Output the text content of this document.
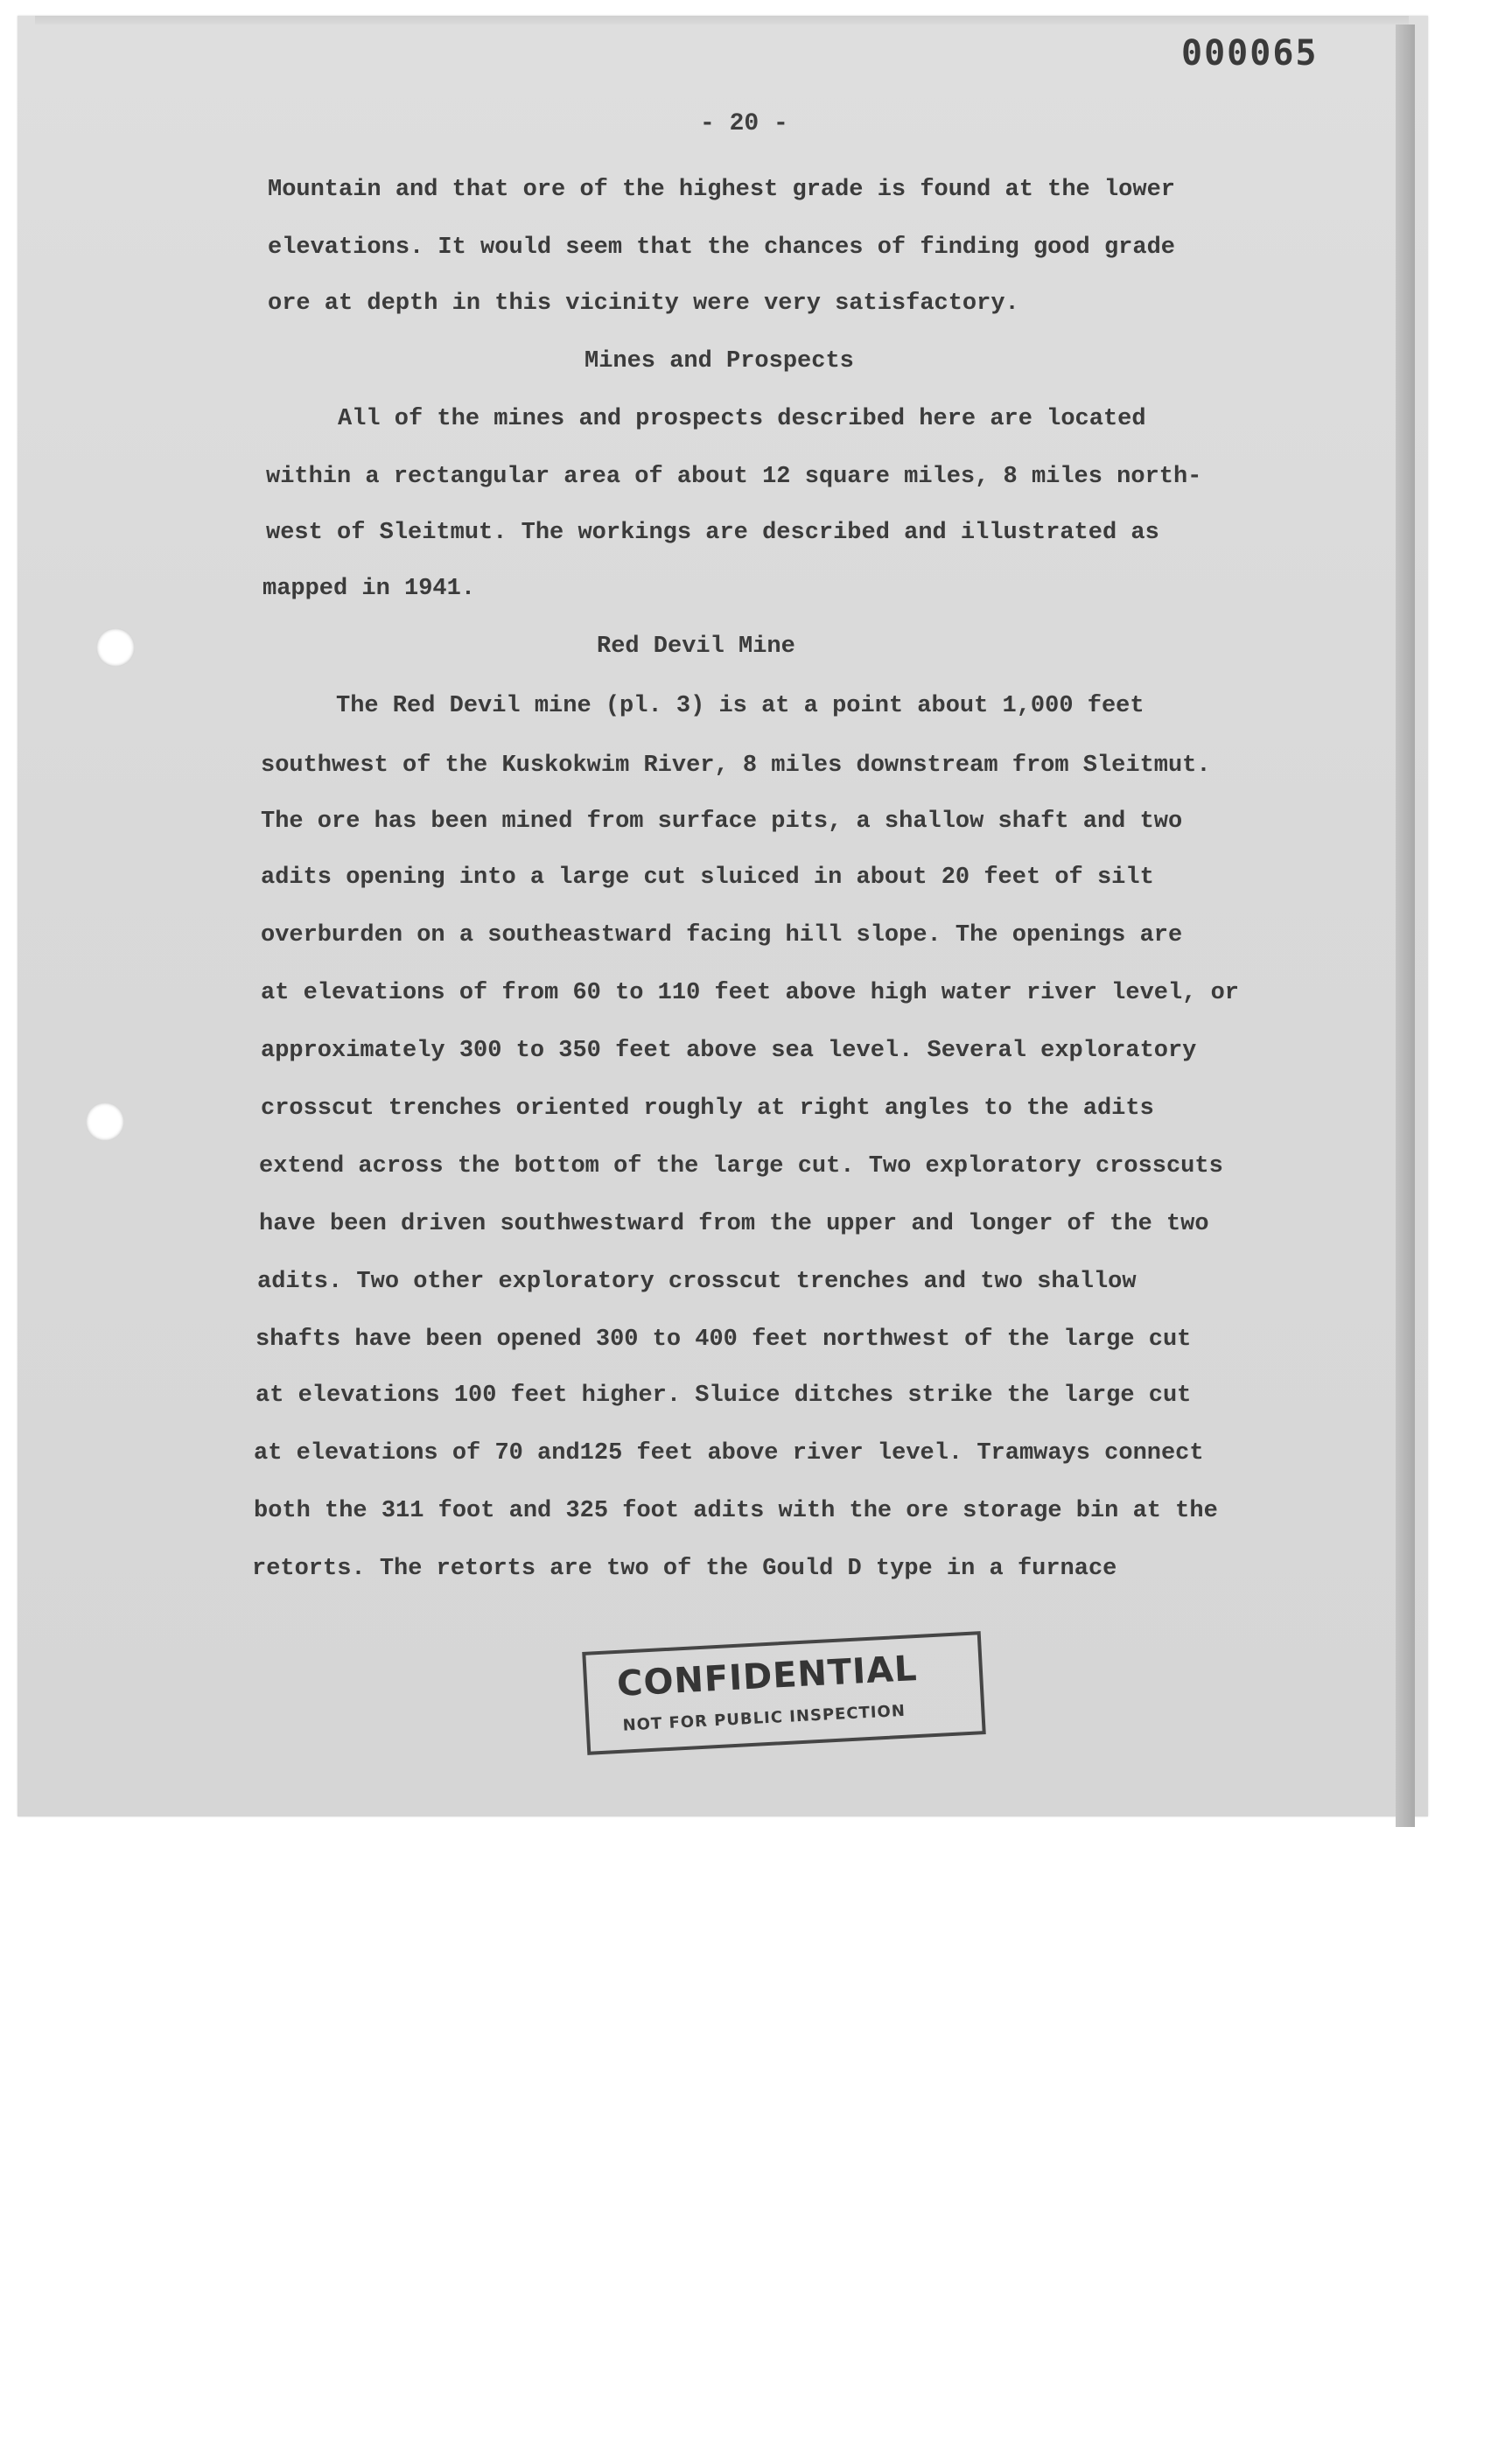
000065
- 20 -
Mountain and that ore of the highest grade is found at the lower
elevations. It would seem that the chances of finding good grade
ore at depth in this vicinity were very satisfactory.
Mines and Prospects
All of the mines and prospects described here are located
within a rectangular area of about 12 square miles, 8 miles north-
west of Sleitmut. The workings are described and illustrated as
mapped in 1941.
Red Devil Mine
The Red Devil mine (pl. 3) is at a point about 1,000 feet
southwest of the Kuskokwim River, 8 miles downstream from Sleitmut.
The ore has been mined from surface pits, a shallow shaft and two
adits opening into a large cut sluiced in about 20 feet of silt
overburden on a southeastward facing hill slope. The openings are
at elevations of from 60 to 110 feet above high water river level, or
approximately 300 to 350 feet above sea level. Several exploratory
crosscut trenches oriented roughly at right angles to the adits
extend across the bottom of the large cut. Two exploratory crosscuts
have been driven southwestward from the upper and longer of the two
adits. Two other exploratory crosscut trenches and two shallow
shafts have been opened 300 to 400 feet northwest of the large cut
at elevations 100 feet higher. Sluice ditches strike the large cut
at elevations of 70 and125 feet above river level. Tramways connect
both the 311 foot and 325 foot adits with the ore storage bin at the
retorts. The retorts are two of the Gould D type in a furnace
CONFIDENTIAL
NOT FOR PUBLIC INSPECTION
